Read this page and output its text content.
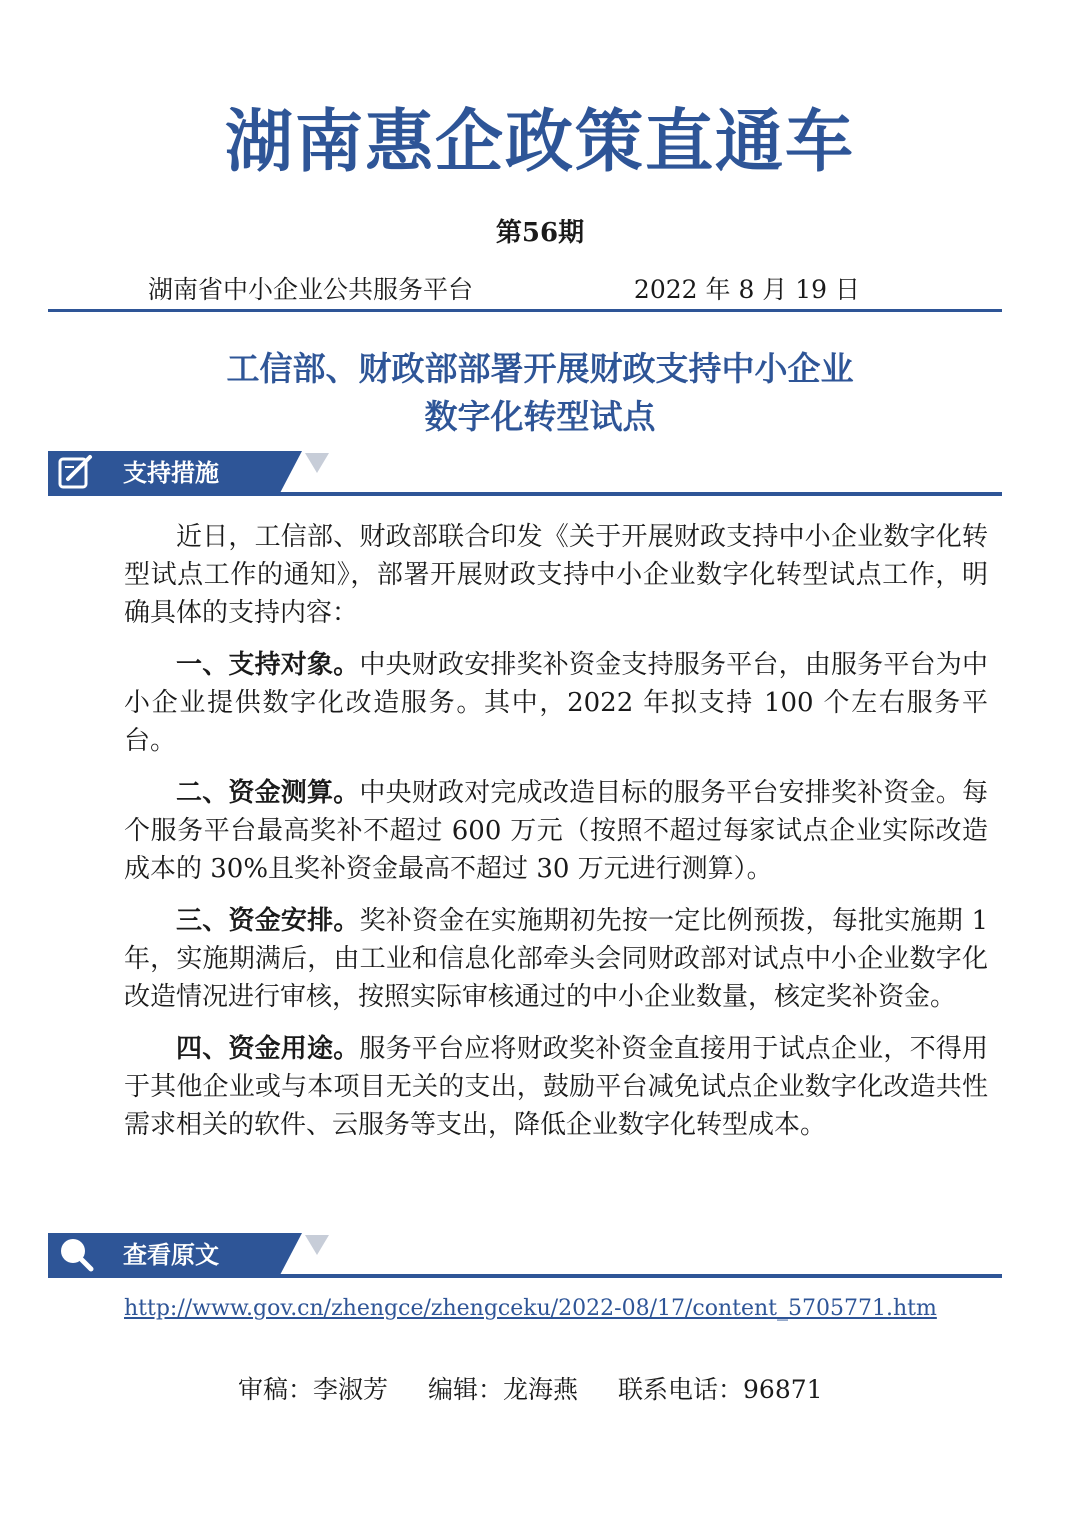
湖南惠企政策直通车
第56期
湖南省中小企业公共服务平台	2022 年 8 月 19 日
工信部、财政部部署开展财政支持中小企业
数字化转型试点
支持措施

近日，工信部、财政部联合印发《关于开展财政支持中小企业数字化转型试点工作的通知》，部署开展财政支持中小企业数字化转型试点工作，明确具体的支持内容：

一、支持对象。中央财政安排奖补资金支持服务平台，由服务平台为中小企业提供数字化改造服务。其中，2022 年拟支持 100 个左右服务平台。

二、资金测算。中央财政对完成改造目标的服务平台安排奖补资金。每个服务平台最高奖补不超过 600 万元（按照不超过每家试点企业实际改造成本的 30%且奖补资金最高不超过 30 万元进行测算）。

三、资金安排。奖补资金在实施期初先按一定比例预拨，每批实施期 1 年，实施期满后，由工业和信息化部牵头会同财政部对试点中小企业数字化改造情况进行审核，按照实际审核通过的中小企业数量，核定奖补资金。

四、资金用途。服务平台应将财政奖补资金直接用于试点企业，不得用于其他企业或与本项目无关的支出，鼓励平台减免试点企业数字化改造共性需求相关的软件、云服务等支出，降低企业数字化转型成本。

查看原文
http://www.gov.cn/zhengce/zhengceku/2022-08/17/content_5705771.htm
审稿：李淑芳 编辑：龙海燕 联系电话：96871
